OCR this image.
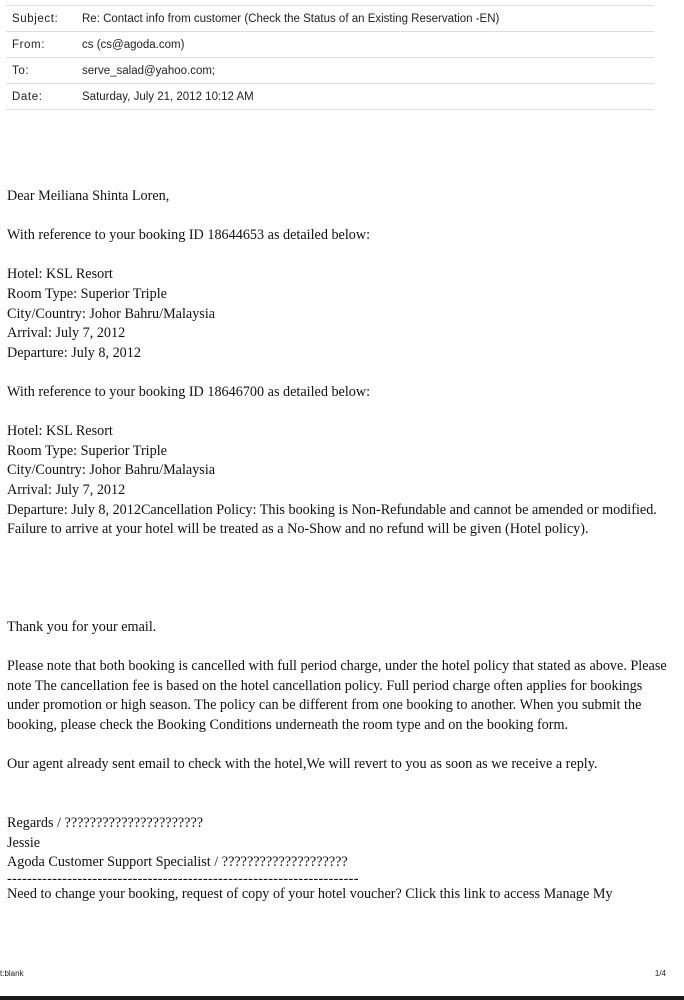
Subject:	Re: Contact info from customer (Check the Status of an Existing Reservation -EN)
From:	cs (cs@agoda.com)
To:	serve_salad@yahoo.com;
Date:	Saturday, July 21, 2012 10:12 AM

Dear Meiliana Shinta Loren,

With reference to your booking ID 18644653 as detailed below:

Hotel: KSL Resort

Room Type: Superior Triple

City/Country: Johor Bahru/Malaysia

Arrival: July 7, 2012

Departure: July 8, 2012

With reference to your booking ID 18646700 as detailed below:

Hotel: KSL Resort

Room Type: Superior Triple

City/Country: Johor Bahru/Malaysia

Arrival: July 7, 2012

Departure: July 8, 2012Cancellation Policy: This booking is Non-Refundable and cannot be amended or modified. Failure to arrive at your hotel will be treated as a No-Show and no refund will be given (Hotel policy).

Thank you for your email.

Please note that both booking is cancelled with full period charge, under the hotel policy that stated as above. Please note The cancellation fee is based on the hotel cancellation policy. Full period charge often applies for bookings under promotion or high season. The policy can be different from one booking to another. When you submit the booking, please check the Booking Conditions underneath the room type and on the booking form.

Our agent already sent email to check with the hotel,We will revert to you as soon as we receive a reply.

Regards / ??????????????????????

Jessie

Agoda Customer Support Specialist / ????????????????????

----------------------------------------------------------------------

Need to change your booking, request of copy of your hotel voucher? Click this link to access Manage My

t:blank	1/4
